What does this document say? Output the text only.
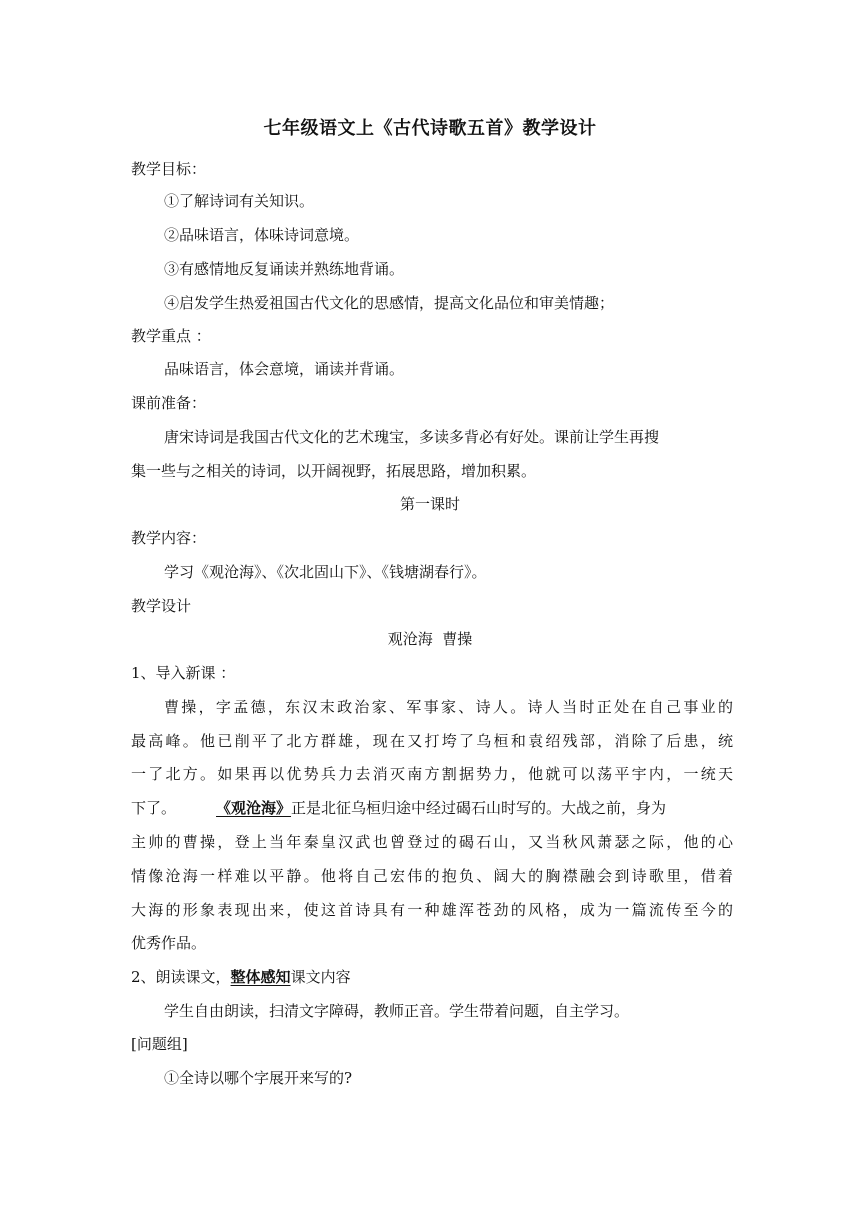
七年级语文上《古代诗歌五首》教学设计
教学目标：
①了解诗词有关知识。
②品味语言，体味诗词意境。
③有感情地反复诵读并熟练地背诵。
④启发学生热爱祖国古代文化的思感情，提高文化品位和审美情趣；
教学重点 ：
品味语言，体会意境，诵读并背诵。
课前准备：
唐宋诗词是我国古代文化的艺术瑰宝，多读多背必有好处。课前让学生再搜
集一些与之相关的诗词，以开阔视野，拓展思路，增加积累。
第一课时
教学内容：
学习《观沧海》、《次北固山下》、《钱塘湖春行》。
教学设计
观沧海  曹操
1、导入新课 ：
曹操，字孟德，东汉末政治家、军事家、诗人。诗人当时正处在自己事业的
最高峰。他已削平了北方群雄，现在又打垮了乌桓和袁绍残部，消除了后患，统
一了北方。如果再以优势兵力去消灭南方割据势力，他就可以荡平宇内，一统天
下了。	《观沧海》正是北征乌桓归途中经过碣石山时写的。大战之前，身为
主帅的曹操，登上当年秦皇汉武也曾登过的碣石山，又当秋风萧瑟之际，他的心
情像沧海一样难以平静。他将自己宏伟的抱负、阔大的胸襟融会到诗歌里，借着
大海的形象表现出来，使这首诗具有一种雄浑苍劲的风格，成为一篇流传至今的
优秀作品。
2、朗读课文，整体感知课文内容
学生自由朗读，扫清文字障碍，教师正音。学生带着问题，自主学习。
[问题组]
①全诗以哪个字展开来写的?
